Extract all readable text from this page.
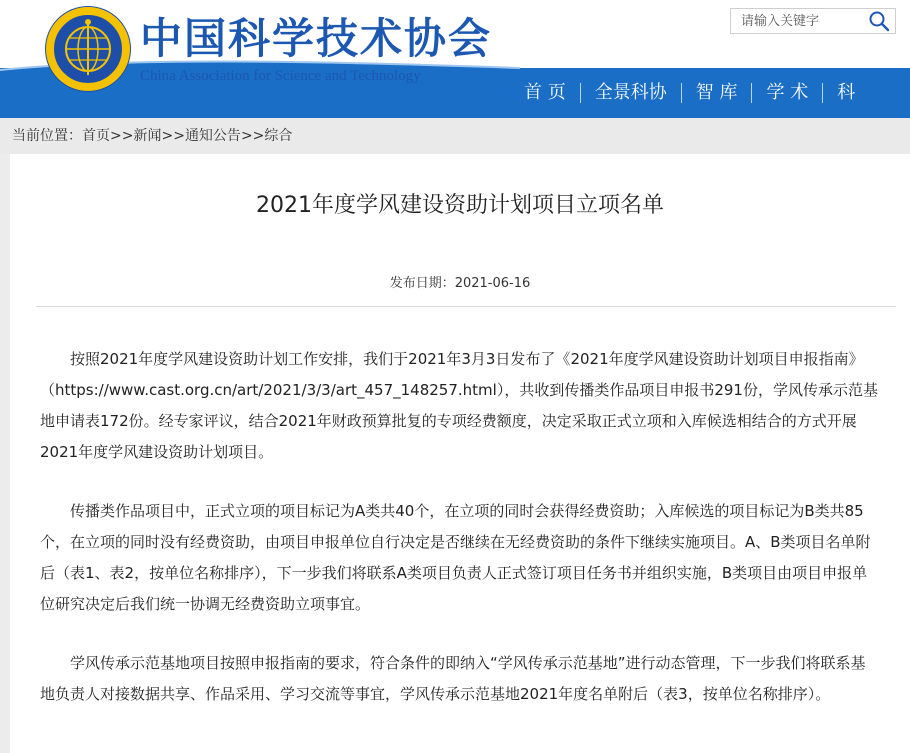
中国科学技术协会
China Association for Science and Technology
请输入关键字
首 页	全景科协	智 库	学 术	科
当前位置：首页>>新闻>>通知公告>>综合
2021年度学风建设资助计划项目立项名单
发布日期：2021-06-16

按照2021年度学风建设资助计划工作安排，我们于2021年3月3日发布了《2021年度学风建设资助计划项目申报指南》（https://www.cast.org.cn/art/2021/3/3/art_457_148257.html），共收到传播类作品项目申报书291份，学风传承示范基地申请表172份。经专家评议，结合2021年财政预算批复的专项经费额度，决定采取正式立项和入库候选相结合的方式开展2021年度学风建设资助计划项目。

传播类作品项目中，正式立项的项目标记为A类共40个，在立项的同时会获得经费资助；入库候选的项目标记为B类共85个，在立项的同时没有经费资助，由项目申报单位自行决定是否继续在无经费资助的条件下继续实施项目。A、B类项目名单附后（表1、表2，按单位名称排序），下一步我们将联系A类项目负责人正式签订项目任务书并组织实施，B类项目由项目申报单位研究决定后我们统一协调无经费资助立项事宜。

学风传承示范基地项目按照申报指南的要求，符合条件的即纳入“学风传承示范基地”进行动态管理，下一步我们将联系基地负责人对接数据共享、作品采用、学习交流等事宜，学风传承示范基地2021年度名单附后（表3，按单位名称排序）。
